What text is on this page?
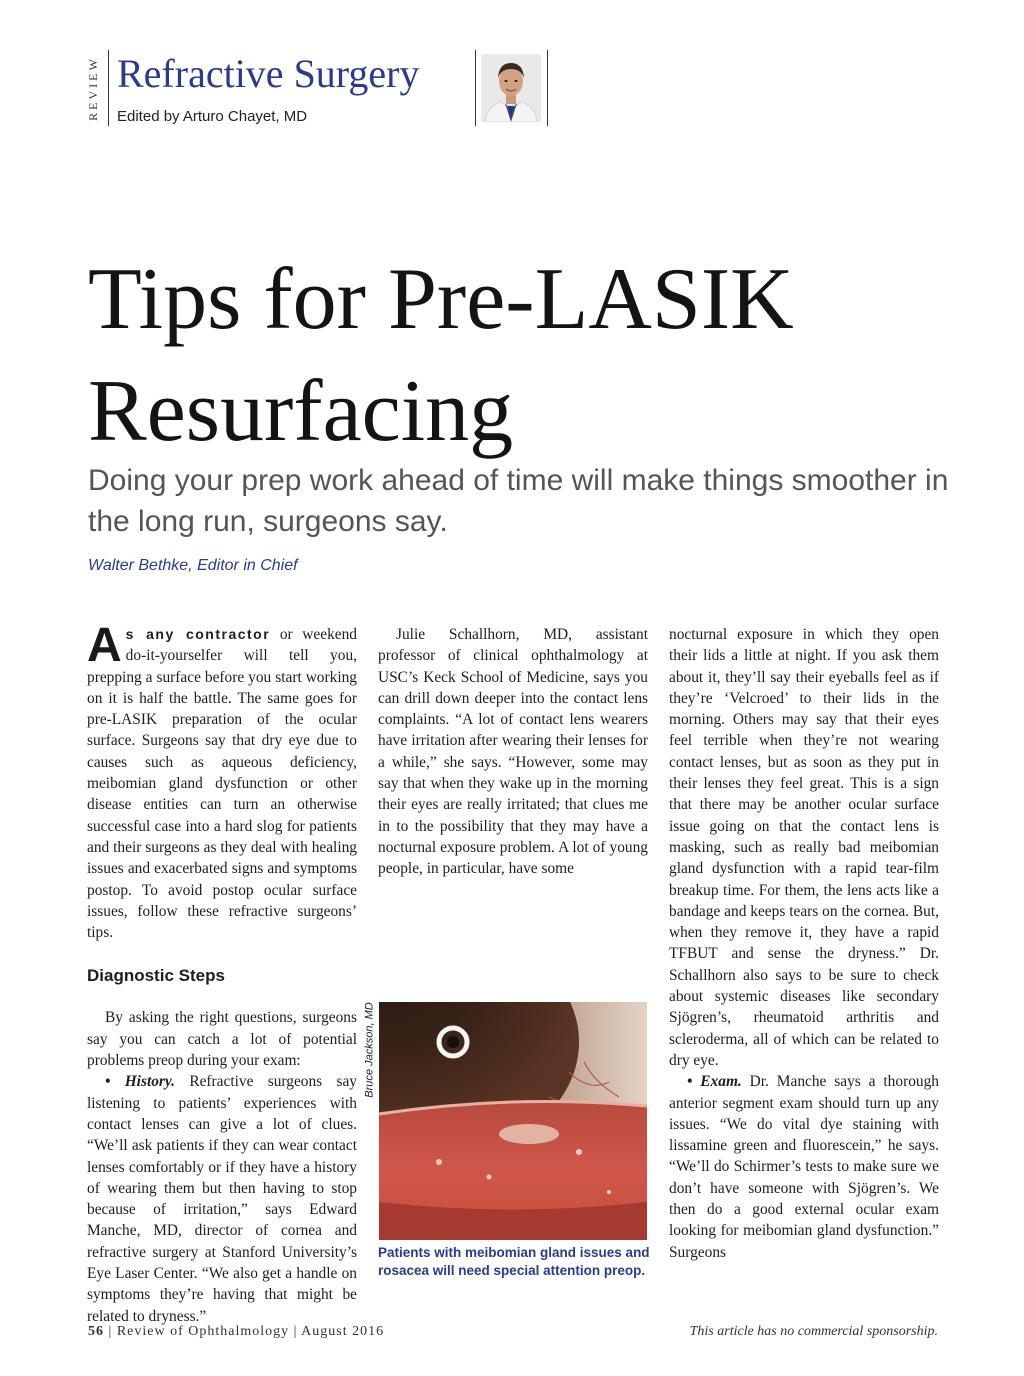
REVIEW Refractive Surgery
Edited by Arturo Chayet, MD
Tips for Pre-LASIK
Resurfacing
Doing your prep work ahead of time will make things smoother in the long run, surgeons say.
Walter Bethke, Editor in Chief

As any contractor or weekend do-it-yourselfer will tell you, prepping a surface before you start working on it is half the battle. The same goes for pre-LASIK preparation of the ocular surface. Surgeons say that dry eye due to causes such as aqueous deficiency, meibomian gland dysfunction or other disease entities can turn an otherwise successful case into a hard slog for patients and their surgeons as they deal with healing issues and exacerbated signs and symptoms postop. To avoid postop ocular surface issues, follow these refractive surgeons’ tips.

Diagnostic Steps

By asking the right questions, surgeons say you can catch a lot of potential problems preop during your exam:

• History. Refractive surgeons say listening to patients’ experiences with contact lenses can give a lot of clues. “We’ll ask patients if they can wear contact lenses comfortably or if they have a history of wearing them but then having to stop because of irritation,” says Edward Manche, MD, director of cornea and refractive surgery at Stanford University’s Eye Laser Center. “We also get a handle on symptoms they’re having that might be related to dryness.”

Julie Schallhorn, MD, assistant professor of clinical ophthalmology at USC’s Keck School of Medicine, says you can drill down deeper into the contact lens complaints. “A lot of contact lens wearers have irritation after wearing their lenses for a while,” she says. “However, some may say that when they wake up in the morning their eyes are really irritated; that clues me in to the possibility that they may have a nocturnal exposure problem. A lot of young people, in particular, have some

Bruce Jackson, MD
Patients with meibomian gland issues and rosacea will need special attention preop.

nocturnal exposure in which they open their lids a little at night. If you ask them about it, they’ll say their eyeballs feel as if they’re ‘Velcroed’ to their lids in the morning. Others may say that their eyes feel terrible when they’re not wearing contact lenses, but as soon as they put in their lenses they feel great. This is a sign that there may be another ocular surface issue going on that the contact lens is masking, such as really bad meibomian gland dysfunction with a rapid tear-film breakup time. For them, the lens acts like a bandage and keeps tears on the cornea. But, when they remove it, they have a rapid TFBUT and sense the dryness.” Dr. Schallhorn also says to be sure to check about systemic diseases like secondary Sjögren’s, rheumatoid arthritis and scleroderma, all of which can be related to dry eye.

• Exam. Dr. Manche says a thorough anterior segment exam should turn up any issues. “We do vital dye staining with lissamine green and fluorescein,” he says. “We’ll do Schirmer’s tests to make sure we don’t have someone with Sjögren’s. We then do a good external ocular exam looking for meibomian gland dysfunction.” Surgeons

56 | Review of Ophthalmology | August 2016	This article has no commercial sponsorship.
